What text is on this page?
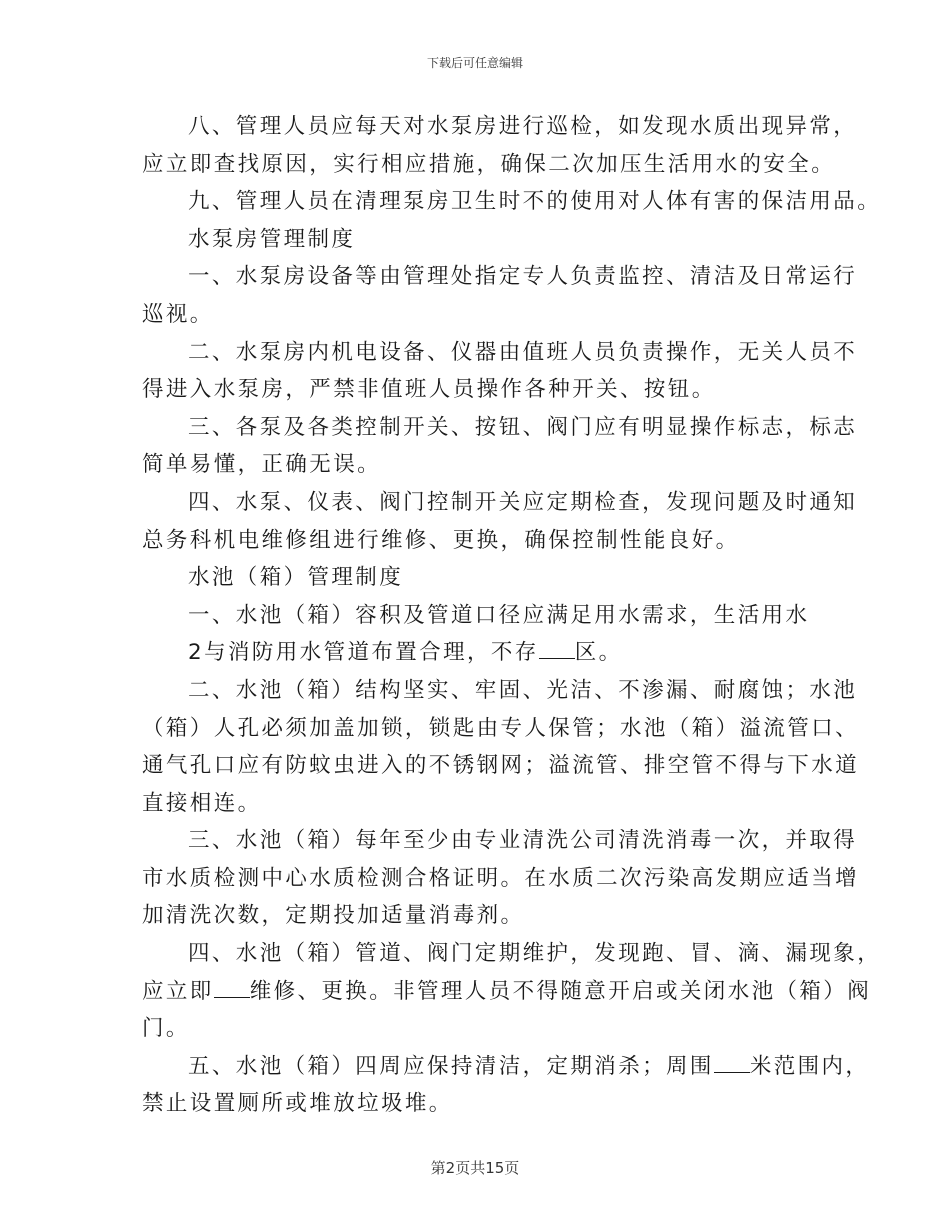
下载后可任意编辑
八、管理人员应每天对水泵房进行巡检，如发现水质出现异常，
应立即查找原因，实行相应措施，确保二次加压生活用水的安全。
九、管理人员在清理泵房卫生时不的使用对人体有害的保洁用品。
水泵房管理制度
一、水泵房设备等由管理处指定专人负责监控、清洁及日常运行
巡视。
二、水泵房内机电设备、仪器由值班人员负责操作，无关人员不
得进入水泵房，严禁非值班人员操作各种开关、按钮。
三、各泵及各类控制开关、按钮、阀门应有明显操作标志，标志
简单易懂，正确无误。
四、水泵、仪表、阀门控制开关应定期检查，发现问题及时通知
总务科机电维修组进行维修、更换，确保控制性能良好。
水池（箱）管理制度
一、水池（箱）容积及管道口径应满足用水需求，生活用水
2与消防用水管道布置合理，不存 区。
二、水池（箱）结构坚实、牢固、光洁、不渗漏、耐腐蚀；水池
（箱）人孔必须加盖加锁，锁匙由专人保管；水池（箱）溢流管口、
通气孔口应有防蚊虫进入的不锈钢网；溢流管、排空管不得与下水道
直接相连。
三、水池（箱）每年至少由专业清洗公司清洗消毒一次，并取得
市水质检测中心水质检测合格证明。在水质二次污染高发期应适当增
加清洗次数，定期投加适量消毒剂。
四、水池（箱）管道、阀门定期维护，发现跑、冒、滴、漏现象，
应立即 维修、更换。非管理人员不得随意开启或关闭水池（箱）阀
门。
五、水池（箱）四周应保持清洁，定期消杀；周围 米范围内，
禁止设置厕所或堆放垃圾堆。
第2页共15页
